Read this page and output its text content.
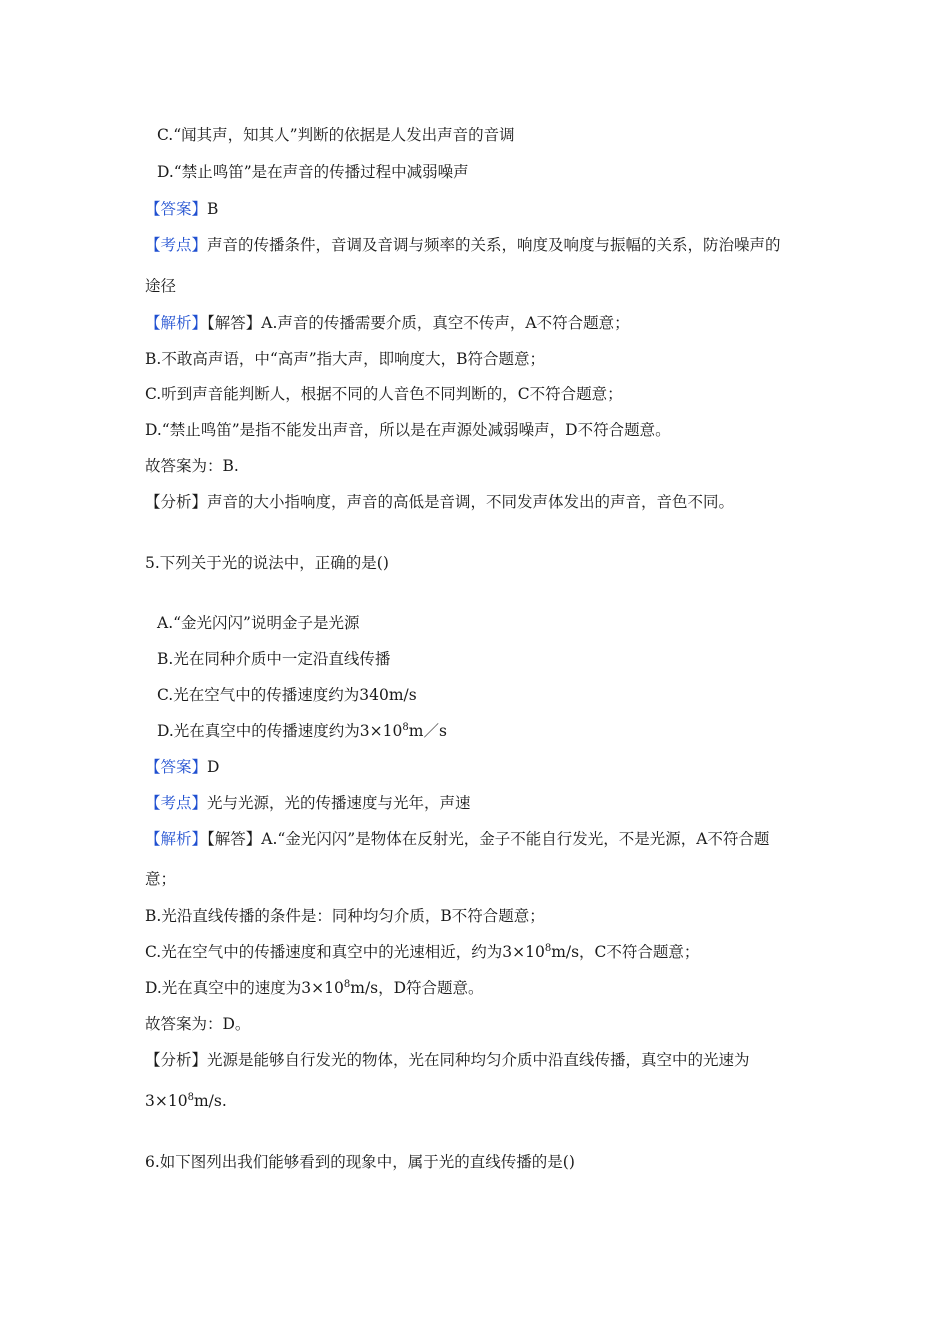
C.“闻其声，知其人”判断的依据是人发出声音的音调
D.“禁止鸣笛”是在声音的传播过程中减弱噪声
【答案】B
【考点】声音的传播条件，音调及音调与频率的关系，响度及响度与振幅的关系，防治噪声的
途径
【解析】【解答】A.声音的传播需要介质，真空不传声，A不符合题意；
B.不敢高声语，中“高声”指大声，即响度大，B符合题意；
C.听到声音能判断人，根据不同的人音色不同判断的，C不符合题意；
D.“禁止鸣笛”是指不能发出声音，所以是在声源处减弱噪声，D不符合题意。
故答案为：B.
【分析】声音的大小指响度，声音的高低是音调，不同发声体发出的声音，音色不同。
5.下列关于光的说法中，正确的是()
A.“金光闪闪”说明金子是光源
B.光在同种介质中一定沿直线传播
C.光在空气中的传播速度约为340m/s
D.光在真空中的传播速度约为$3\times 10^8m/s$
【答案】D
【考点】光与光源，光的传播速度与光年，声速
【解析】【解答】A.“金光闪闪”是物体在反射光，金子不能自行发光，不是光源，A不符合题
意；
B.光沿直线传播的条件是：同种均匀介质，B不符合题意；
C.光在空气中的传播速度和真空中的光速相近，约为$3\times 10^8m/s$，C不符合题意；
D.光在真空中的速度为$3\times 10^8m/s$，D符合题意。
故答案为：D。
【分析】光源是能够自行发光的物体，光在同种均匀介质中沿直线传播，真空中的光速为
$3\times 10^8m/s$.
6.如下图列出我们能够看到的现象中，属于光的直线传播的是()
